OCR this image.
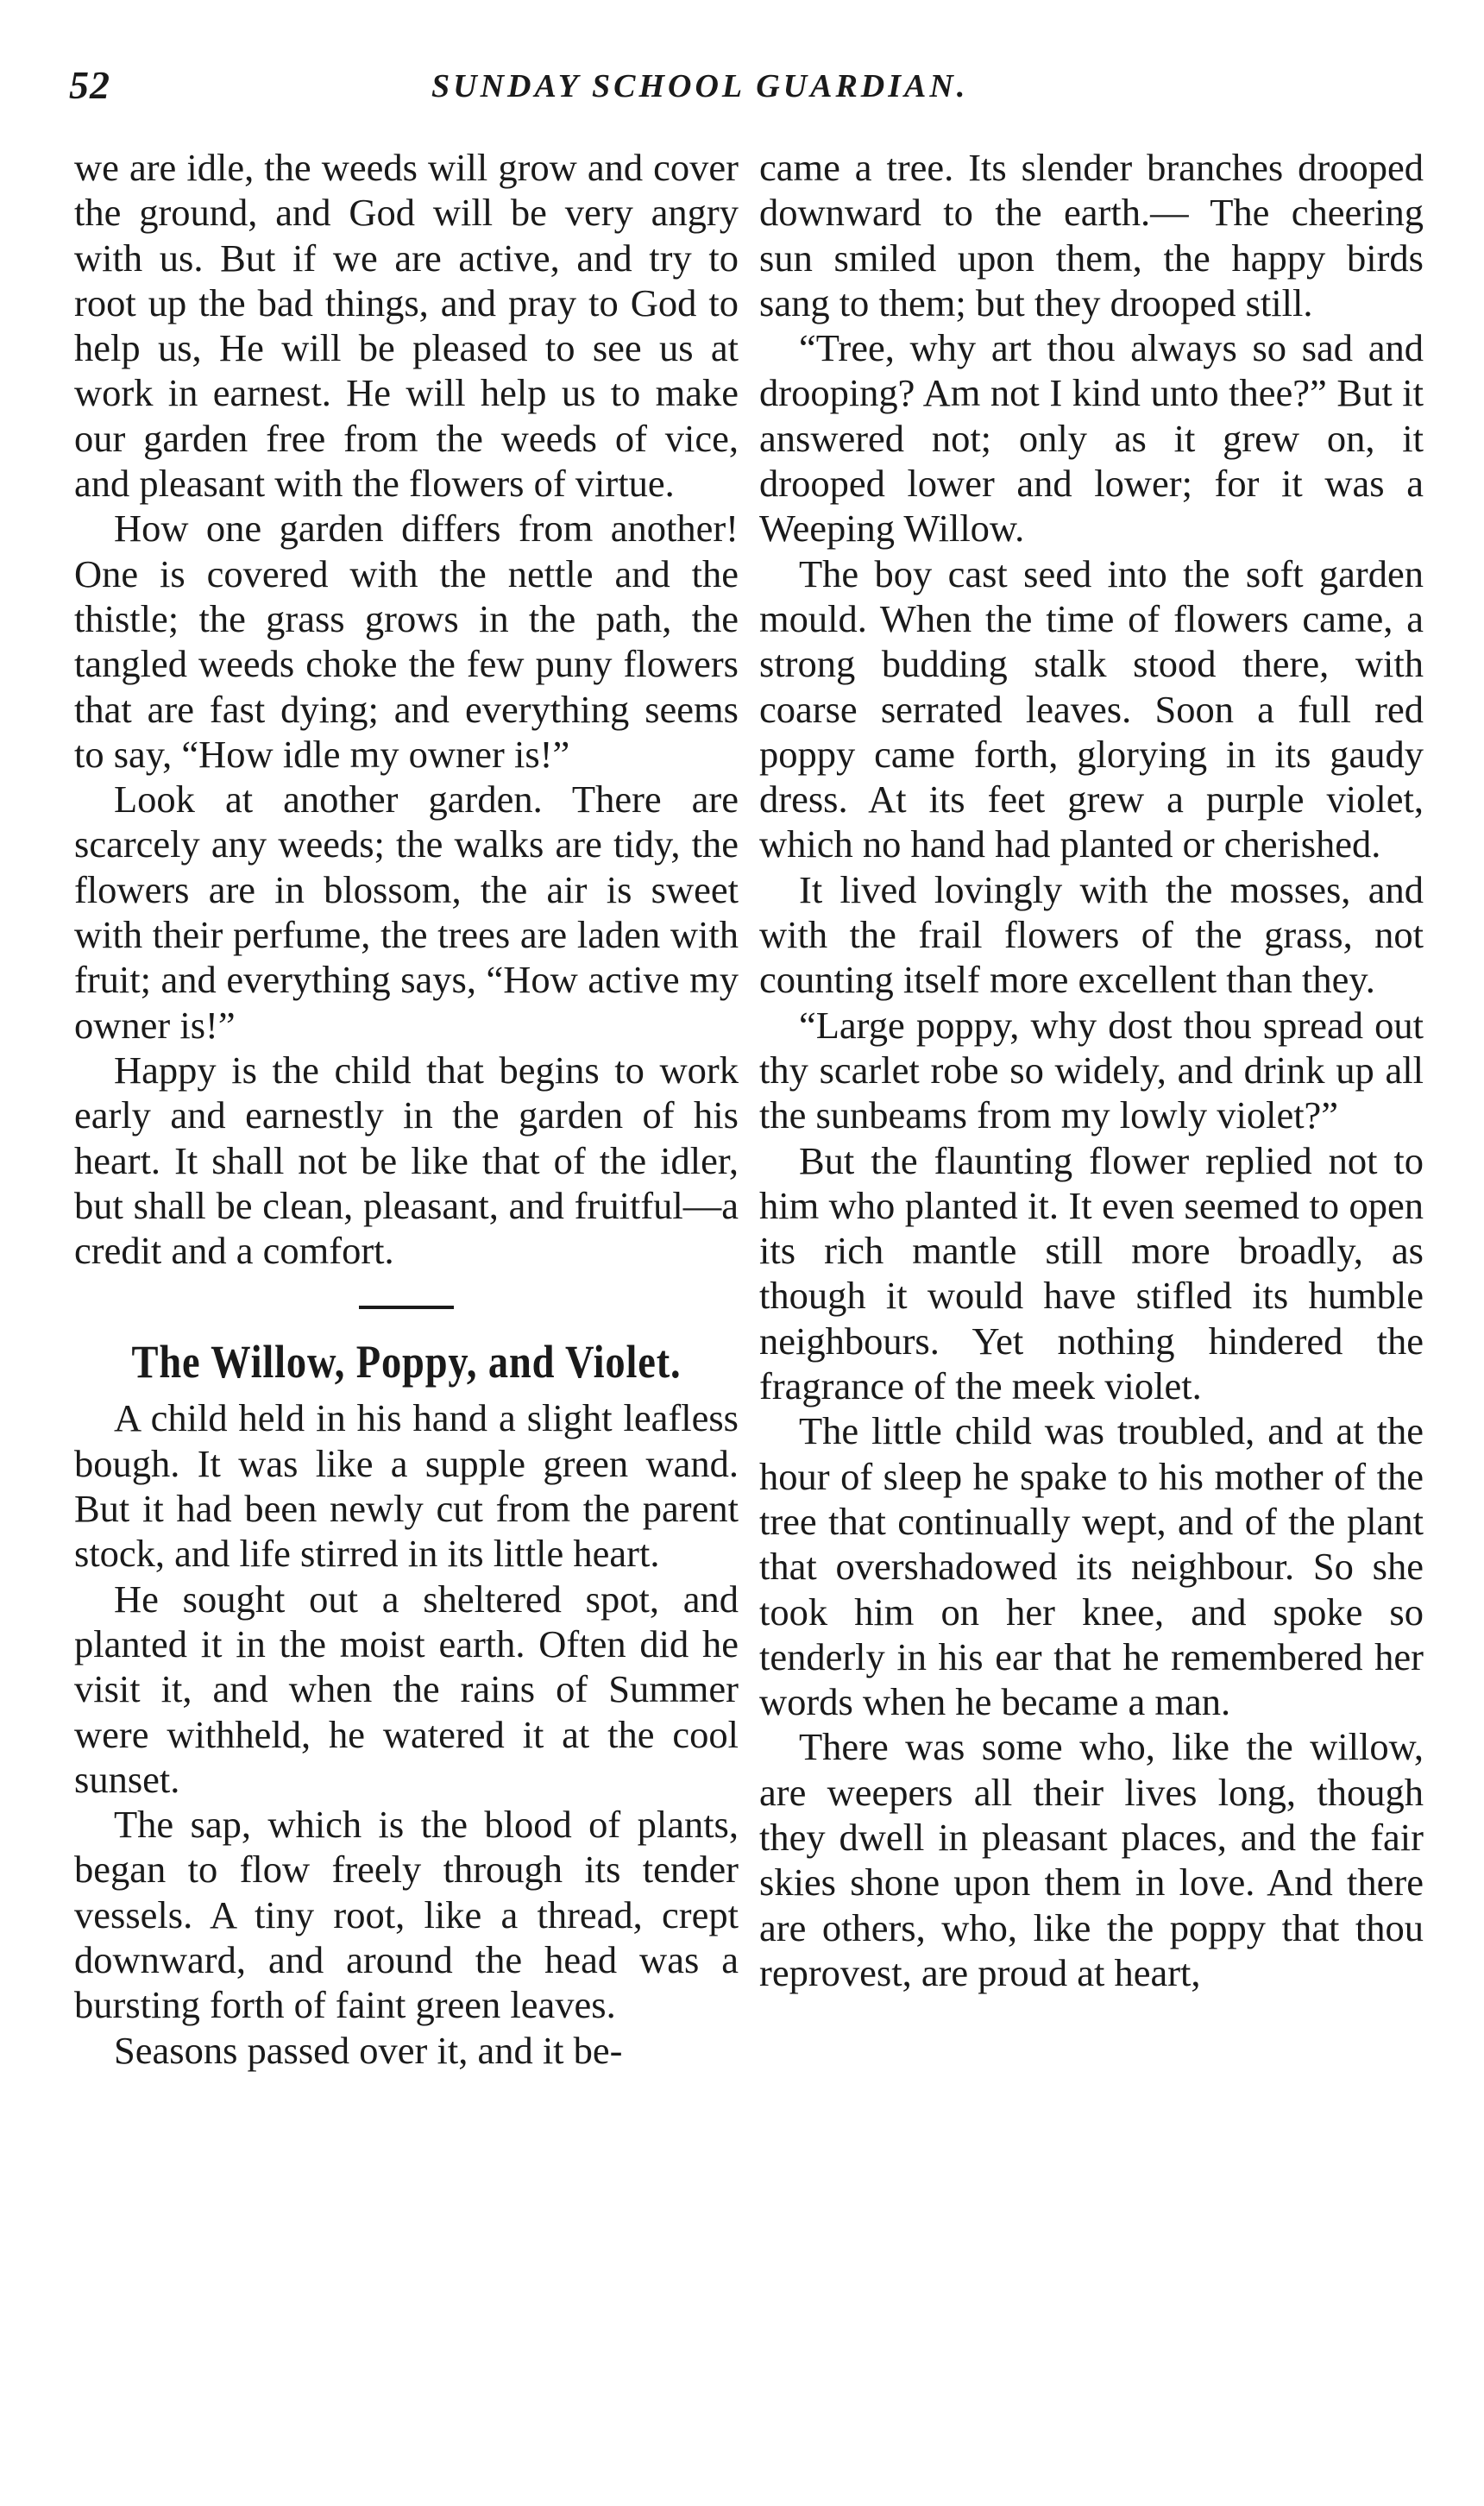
52	SUNDAY SCHOOL GUARDIAN.

we are idle, the weeds will grow and cover the ground, and God will be very angry with us. But if we are active, and try to root up the bad things, and pray to God to help us, He will be pleased to see us at work in earnest. He will help us to make our garden free from the weeds of vice, and pleasant with the flowers of virtue.

How one garden differs from another! One is covered with the nettle and the thistle; the grass grows in the path, the tangled weeds choke the few puny flowers that are fast dying; and everything seems to say, “How idle my owner is!”

Look at another garden. There are scarcely any weeds; the walks are tidy, the flowers are in blossom, the air is sweet with their perfume, the trees are laden with fruit; and everything says, “How active my owner is!”

Happy is the child that begins to work early and earnestly in the garden of his heart. It shall not be like that of the idler, but shall be clean, pleasant, and fruitful—a credit and a comfort.

The Willow, Poppy, and Violet.

A child held in his hand a slight leafless bough. It was like a supple green wand. But it had been newly cut from the parent stock, and life stirred in its little heart.

He sought out a sheltered spot, and planted it in the moist earth. Often did he visit it, and when the rains of Summer were withheld, he watered it at the cool sunset.

The sap, which is the blood of plants, began to flow freely through its tender vessels. A tiny root, like a thread, crept downward, and around the head was a bursting forth of faint green leaves.

Seasons passed over it, and it be-

came a tree. Its slender branches drooped downward to the earth.— The cheering sun smiled upon them, the happy birds sang to them; but they drooped still.

“Tree, why art thou always so sad and drooping? Am not I kind unto thee?” But it answered not; only as it grew on, it drooped lower and lower; for it was a Weeping Willow.

The boy cast seed into the soft garden mould. When the time of flowers came, a strong budding stalk stood there, with coarse serrated leaves. Soon a full red poppy came forth, glorying in its gaudy dress. At its feet grew a purple violet, which no hand had planted or cherished.

It lived lovingly with the mosses, and with the frail flowers of the grass, not counting itself more excellent than they.

“Large poppy, why dost thou spread out thy scarlet robe so widely, and drink up all the sunbeams from my lowly violet?”

But the flaunting flower replied not to him who planted it. It even seemed to open its rich mantle still more broadly, as though it would have stifled its humble neighbours. Yet nothing hindered the fragrance of the meek violet.

The little child was troubled, and at the hour of sleep he spake to his mother of the tree that continually wept, and of the plant that overshadowed its neighbour. So she took him on her knee, and spoke so tenderly in his ear that he remembered her words when he became a man.

There was some who, like the willow, are weepers all their lives long, though they dwell in pleasant places, and the fair skies shone upon them in love. And there are others, who, like the poppy that thou reprovest, are proud at heart,
